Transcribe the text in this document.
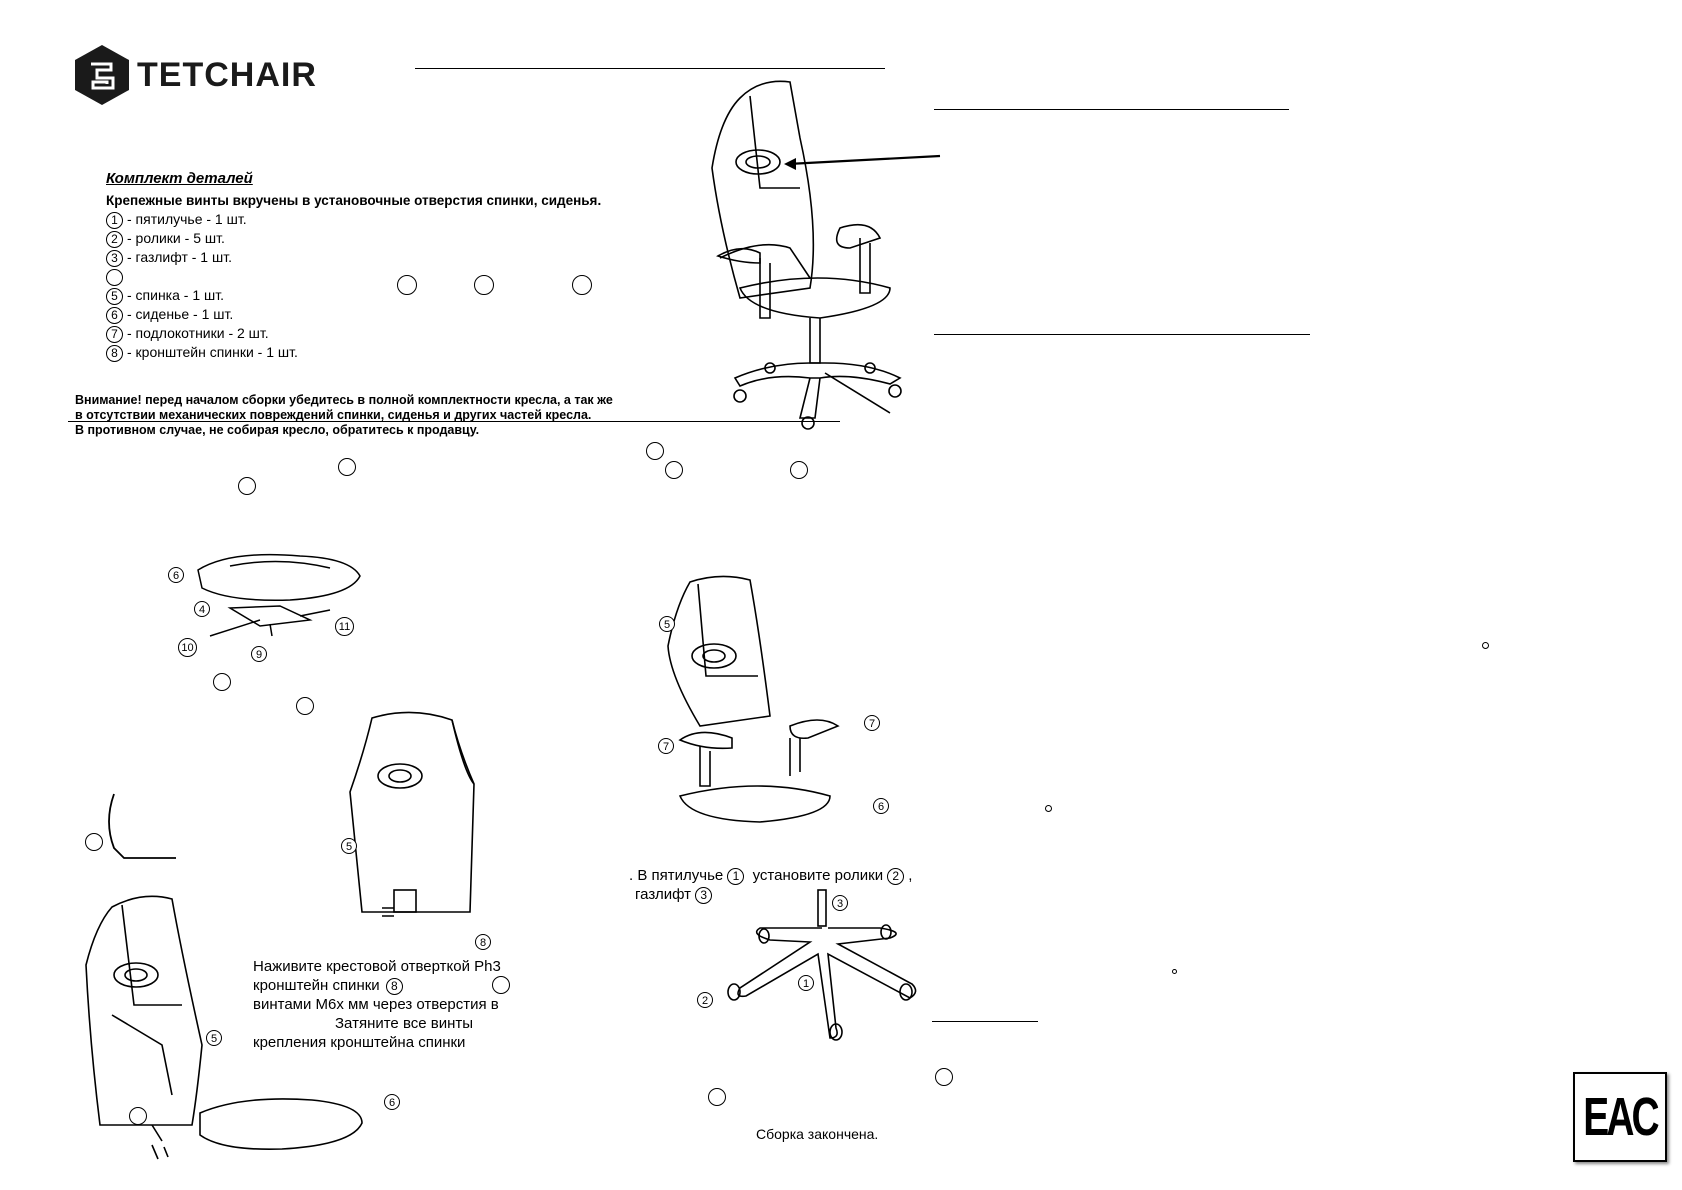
TETCHAIR
Комплект деталей
Крепежные винты вкручены в установочные отверстия спинки, сиденья.
1 - пятилучье - 1 шт.
2 - ролики - 5 шт.
3 - газлифт - 1 шт.
5 - спинка - 1 шт.
6 - сиденье - 1 шт.
7 - подлокотники - 2 шт.
8 - кронштейн спинки - 1 шт.
Внимание! перед началом сборки убедитесь в полной комплектности кресла, а так же
в отсутствии механических повреждений спинки, сиденья и других частей кресла.
В противном случае, не собирая кресло, обратитесь к продавцу.
6
4
11
10
9
5
8
Наживите крестовой отверткой Ph3
кронштейн спинки 8
винтами М6х мм через отверстия в
Затяните все винты
крепления кронштейна спинки
5
6
5
7
7
6
. В пятилучье 1 установите ролики 2 ,
газлифт 3
3
2
1
Сборка закончена.	EAC
